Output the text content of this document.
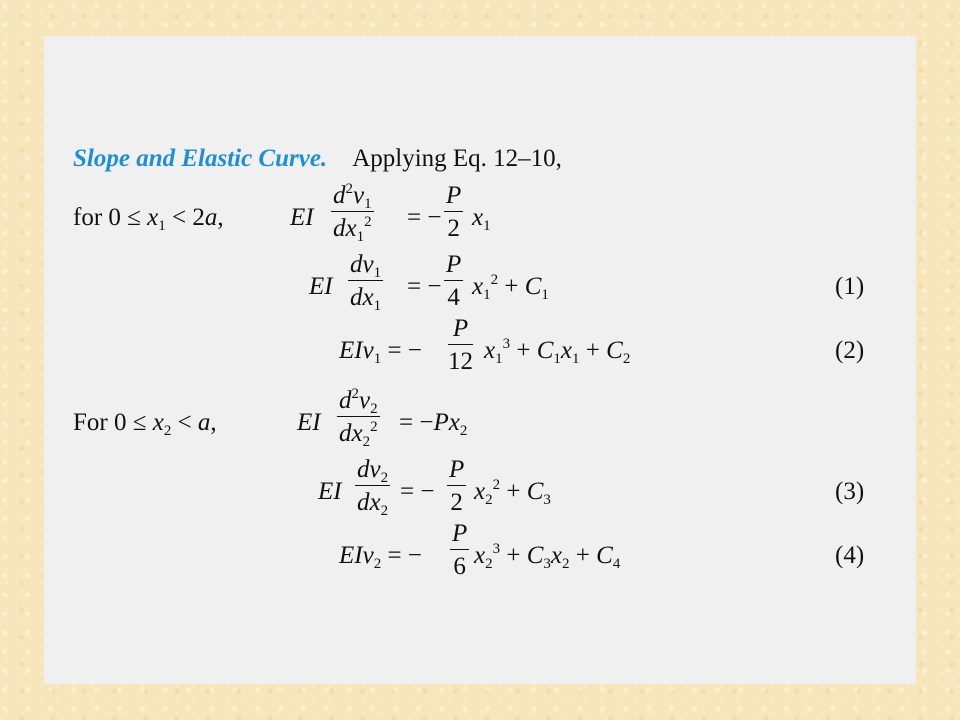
Slope and Elastic Curve. Applying Eq. 12–10,
for $0 \le x_1 < 2a$,	EI $\frac{d^2v_1}{dx_1^2}$ = − $\frac{P}{2} x_1$
EI $\frac{dv_1}{dx_1}$ = − $\frac{P}{4} x_1^2 + C_1$	(1)
EIv$_1$ = − $\frac{P}{12} x_1^3 + C_1x_1 + C_2$	(2)
For $0 \le x_2 < a$,	EI $\frac{d^2v_2}{dx_2^2} = -Px_2$
EI $\frac{dv_2}{dx_2}$ = − $\frac{P}{2} x_2^2 + C_3$	(3)
EIv$_2$ = − $\frac{P}{6} x_2^3 + C_3x_2 + C_4$	(4)
